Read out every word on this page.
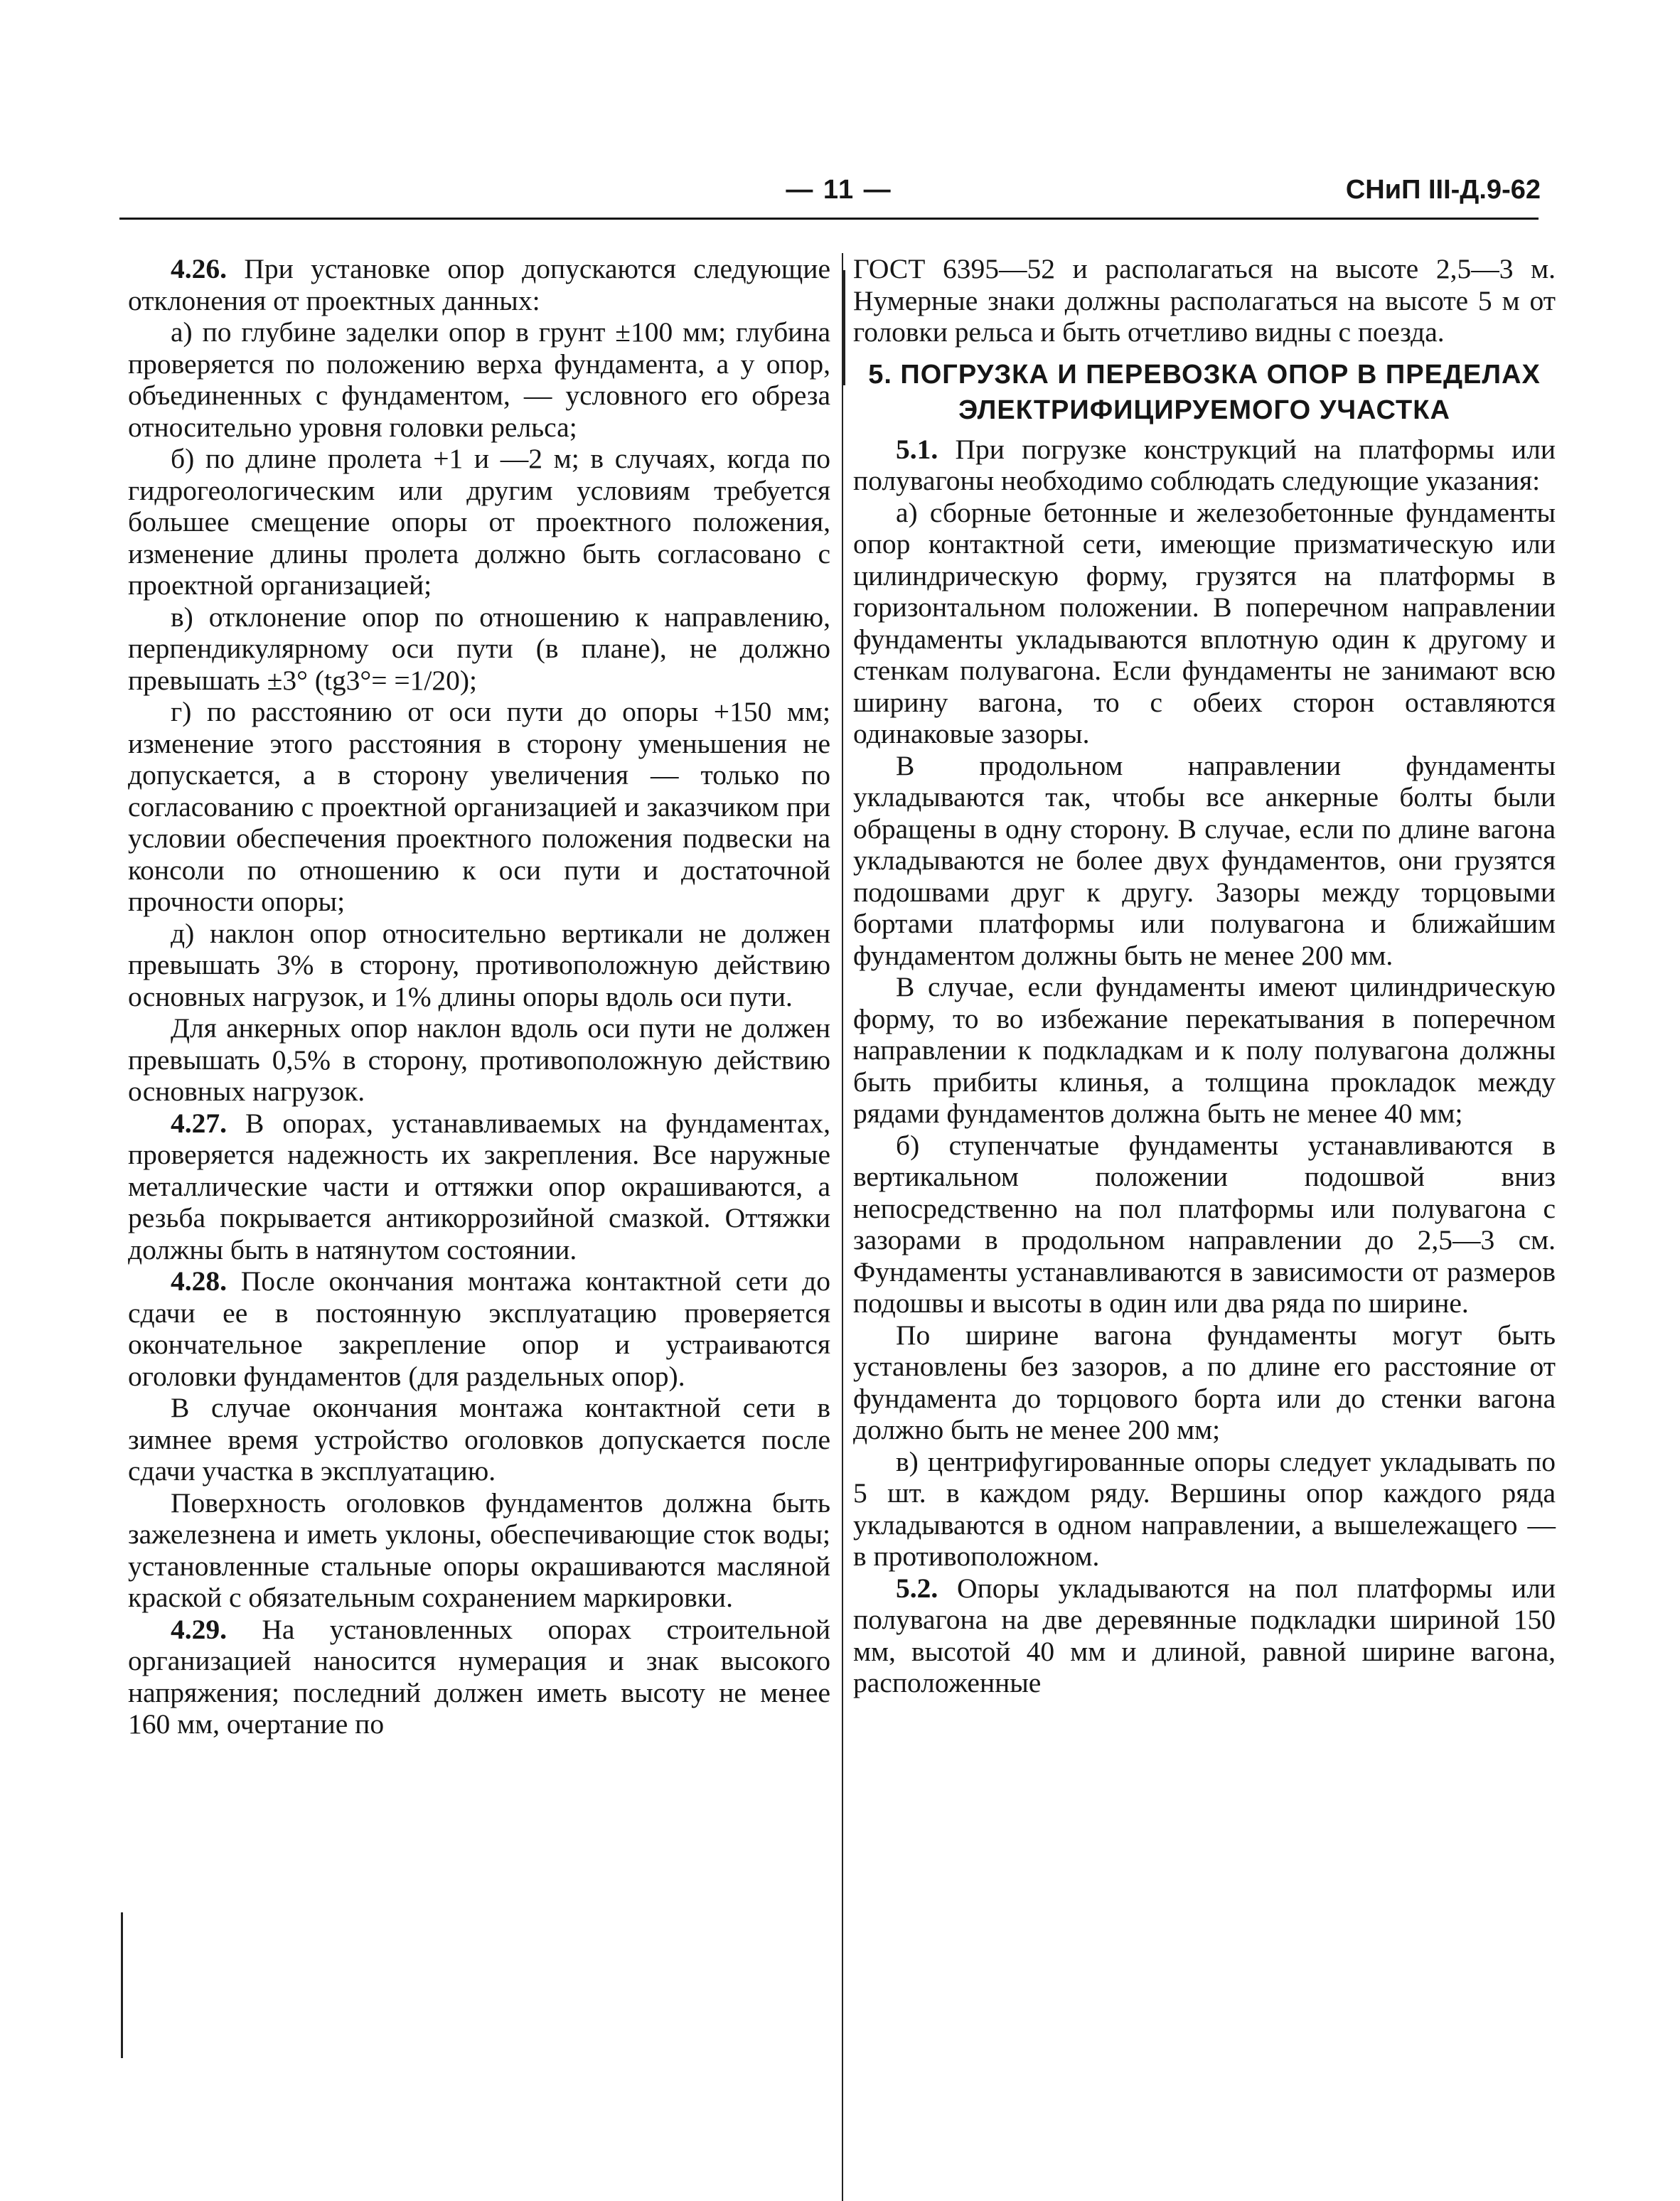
— 11 —	СНиП III-Д.9-62

4.26. При установке опор допускаются следующие отклонения от проектных данных:

а) по глубине заделки опор в грунт ±100 мм; глубина проверяется по положению верха фундамента, а у опор, объединенных с фундаментом, — условного его обреза относительно уровня головки рельса;

б) по длине пролета +1 и —2 м; в случаях, когда по гидрогеологическим или другим условиям требуется большее смещение опоры от проектного положения, изменение длины пролета должно быть согласовано с проектной организацией;

в) отклонение опор по отношению к направлению, перпендикулярному оси пути (в плане), не должно превышать ±3° (tg3°= =1/20);

г) по расстоянию от оси пути до опоры +150 мм; изменение этого расстояния в сторону уменьшения не допускается, а в сторону увеличения — только по согласованию с проектной организацией и заказчиком при условии обеспечения проектного положения подвески на консоли по отношению к оси пути и достаточной прочности опоры;

д) наклон опор относительно вертикали не должен превышать 3% в сторону, противоположную действию основных нагрузок, и 1% длины опоры вдоль оси пути.

Для анкерных опор наклон вдоль оси пути не должен превышать 0,5% в сторону, противоположную действию основных нагрузок.

4.27. В опорах, устанавливаемых на фундаментах, проверяется надежность их закрепления. Все наружные металлические части и оттяжки опор окрашиваются, а резьба покрывается антикоррозийной смазкой. Оттяжки должны быть в натянутом состоянии.

4.28. После окончания монтажа контактной сети до сдачи ее в постоянную эксплуатацию проверяется окончательное закрепление опор и устраиваются оголовки фундаментов (для раздельных опор).

В случае окончания монтажа контактной сети в зимнее время устройство оголовков допускается после сдачи участка в эксплуатацию.

Поверхность оголовков фундаментов должна быть зажелезнена и иметь уклоны, обеспечивающие сток воды; установленные стальные опоры окрашиваются масляной краской с обязательным сохранением маркировки.

4.29. На установленных опорах строительной организацией наносится нумерация и знак высокого напряжения; последний должен иметь высоту не менее 160 мм, очертание по

ГОСТ 6395—52 и располагаться на высоте 2,5—3 м. Нумерные знаки должны располагаться на высоте 5 м от головки рельса и быть отчетливо видны с поезда.

5. ПОГРУЗКА И ПЕРЕВОЗКА ОПОР В ПРЕДЕЛАХ ЭЛЕКТРИФИЦИРУЕМОГО УЧАСТКА

5.1. При погрузке конструкций на платформы или полувагоны необходимо соблюдать следующие указания:

а) сборные бетонные и железобетонные фундаменты опор контактной сети, имеющие призматическую или цилиндрическую форму, грузятся на платформы в горизонтальном положении. В поперечном направлении фундаменты укладываются вплотную один к другому и стенкам полувагона. Если фундаменты не занимают всю ширину вагона, то с обеих сторон оставляются одинаковые зазоры.

В продольном направлении фундаменты укладываются так, чтобы все анкерные болты были обращены в одну сторону. В случае, если по длине вагона укладываются не более двух фундаментов, они грузятся подошвами друг к другу. Зазоры между торцовыми бортами платформы или полувагона и ближайшим фундаментом должны быть не менее 200 мм.

В случае, если фундаменты имеют цилиндрическую форму, то во избежание перекатывания в поперечном направлении к подкладкам и к полу полувагона должны быть прибиты клинья, а толщина прокладок между рядами фундаментов должна быть не менее 40 мм;

б) ступенчатые фундаменты устанавливаются в вертикальном положении подошвой вниз непосредственно на пол платформы или полувагона с зазорами в продольном направлении до 2,5—3 см. Фундаменты устанавливаются в зависимости от размеров подошвы и высоты в один или два ряда по ширине.

По ширине вагона фундаменты могут быть установлены без зазоров, а по длине его расстояние от фундамента до торцового борта или до стенки вагона должно быть не менее 200 мм;

в) центрифугированные опоры следует укладывать по 5 шт. в каждом ряду. Вершины опор каждого ряда укладываются в одном направлении, а вышележащего — в противоположном.

5.2. Опоры укладываются на пол платформы или полувагона на две деревянные подкладки шириной 150 мм, высотой 40 мм и длиной, равной ширине вагона, расположенные
